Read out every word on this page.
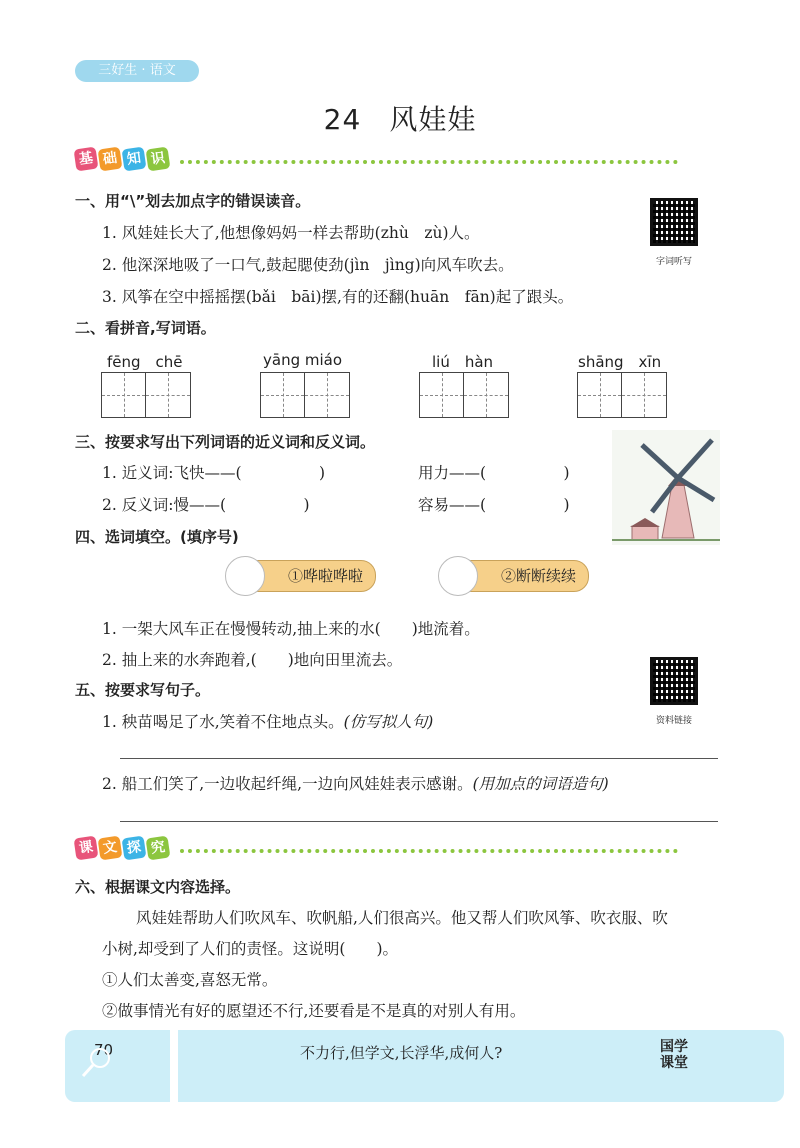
三好生 · 语文
24 风娃娃
基 础 知 识
一、用“\”划去加点字的错误读音。
1. 风娃娃长大了,他想像妈妈一样去帮助(zhù　zù)人。
2. 他深深地吸了一口气,鼓起腮使劲(jìn　jìng)向风车吹去。
3. 风筝在空中摇摇摆(bǎi　bāi)摆,有的还翻(huān　fān)起了跟头。
字词听写
二、看拼音,写词语。
fēng　chē	yāng miáo	liú　hàn	shāng　xīn
三、按要求写出下列词语的近义词和反义词。
1. 近义词:飞快——(　　　　　)	用力——(　　　　　)
2. 反义词:慢——(　　　　　)	容易——(　　　　　)
四、选词填空。(填序号)
①哗啦哗啦	②断断续续
1. 一架大风车正在慢慢转动,抽上来的水(　　)地流着。
2. 抽上来的水奔跑着,(　　)地向田里流去。
资料链接
五、按要求写句子。
1. 秧苗喝足了水,笑着不住地点头。(仿写拟人句)
2. 船工们笑了,一边收起纤绳,一边向风娃娃表示感谢。(用加点的词语造句)
课 文 探 究
六、根据课文内容选择。
风娃娃帮助人们吹风车、吹帆船,人们很高兴。他又帮人们吹风筝、吹衣服、吹
小树,却受到了人们的责怪。这说明(　　)。
①人们太善变,喜怒无常。
②做事情光有好的愿望还不行,还要看是不是真的对别人有用。
70	不力行,但学文,长浮华,成何人?	国学
课堂
